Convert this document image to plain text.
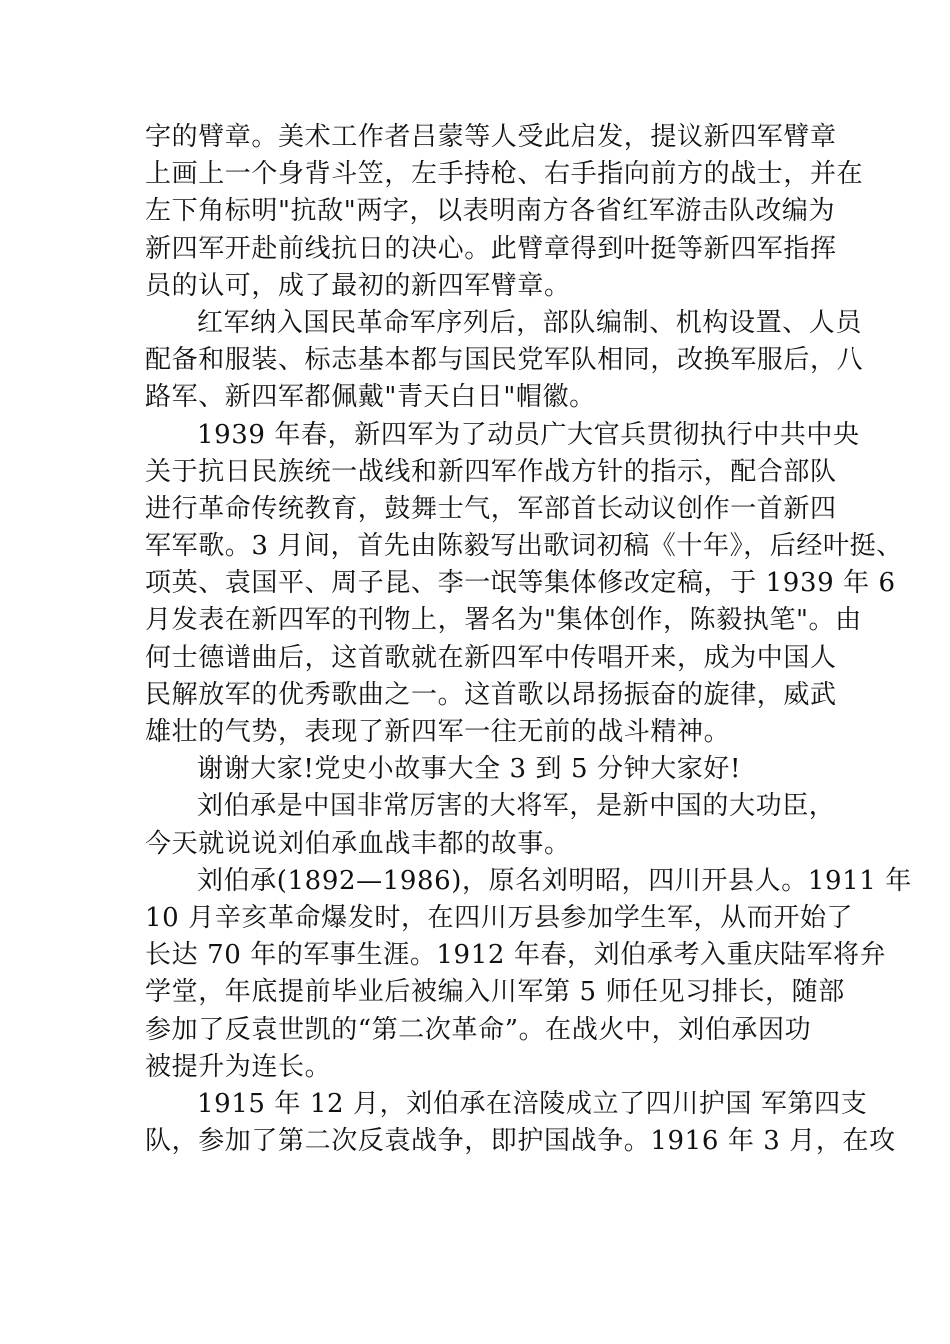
字的臂章。美术工作者吕蒙等人受此启发，提议新四军臂章
上画上一个身背斗笠，左手持枪、右手指向前方的战士，并在
左下角标明"抗敌"两字，以表明南方各省红军游击队改编为
新四军开赴前线抗日的决心。此臂章得到叶挺等新四军指挥
员的认可，成了最初的新四军臂章。
红军纳入国民革命军序列后，部队编制、机构设置、人员
配备和服装、标志基本都与国民党军队相同，改换军服后，八
路军、新四军都佩戴"青天白日"帽徽。
1939 年春，新四军为了动员广大官兵贯彻执行中共中央
关于抗日民族统一战线和新四军作战方针的指示，配合部队
进行革命传统教育，鼓舞士气，军部首长动议创作一首新四
军军歌。3 月间，首先由陈毅写出歌词初稿《十年》，后经叶挺、
项英、袁国平、周子昆、李一氓等集体修改定稿，于 1939 年 6
月发表在新四军的刊物上，署名为"集体创作，陈毅执笔"。由
何士德谱曲后，这首歌就在新四军中传唱开来，成为中国人
民解放军的优秀歌曲之一。这首歌以昂扬振奋的旋律，威武
雄壮的气势，表现了新四军一往无前的战斗精神。
谢谢大家!党史小故事大全 3 到 5 分钟大家好!
刘伯承是中国非常厉害的大将军，是新中国的大功臣，
今天就说说刘伯承血战丰都的故事。
刘伯承(1892—1986)，原名刘明昭，四川开县人。1911 年
10 月辛亥革命爆发时，在四川万县参加学生军，从而开始了
长达 70 年的军事生涯。1912 年春，刘伯承考入重庆陆军将弁
学堂，年底提前毕业后被编入川军第 5 师任见习排长，随部
参加了反袁世凯的“第二次革命”。在战火中，刘伯承因功
被提升为连长。
1915 年 12 月，刘伯承在涪陵成立了四川护国 军第四支
队，参加了第二次反袁战争，即护国战争。1916 年 3 月，在攻
